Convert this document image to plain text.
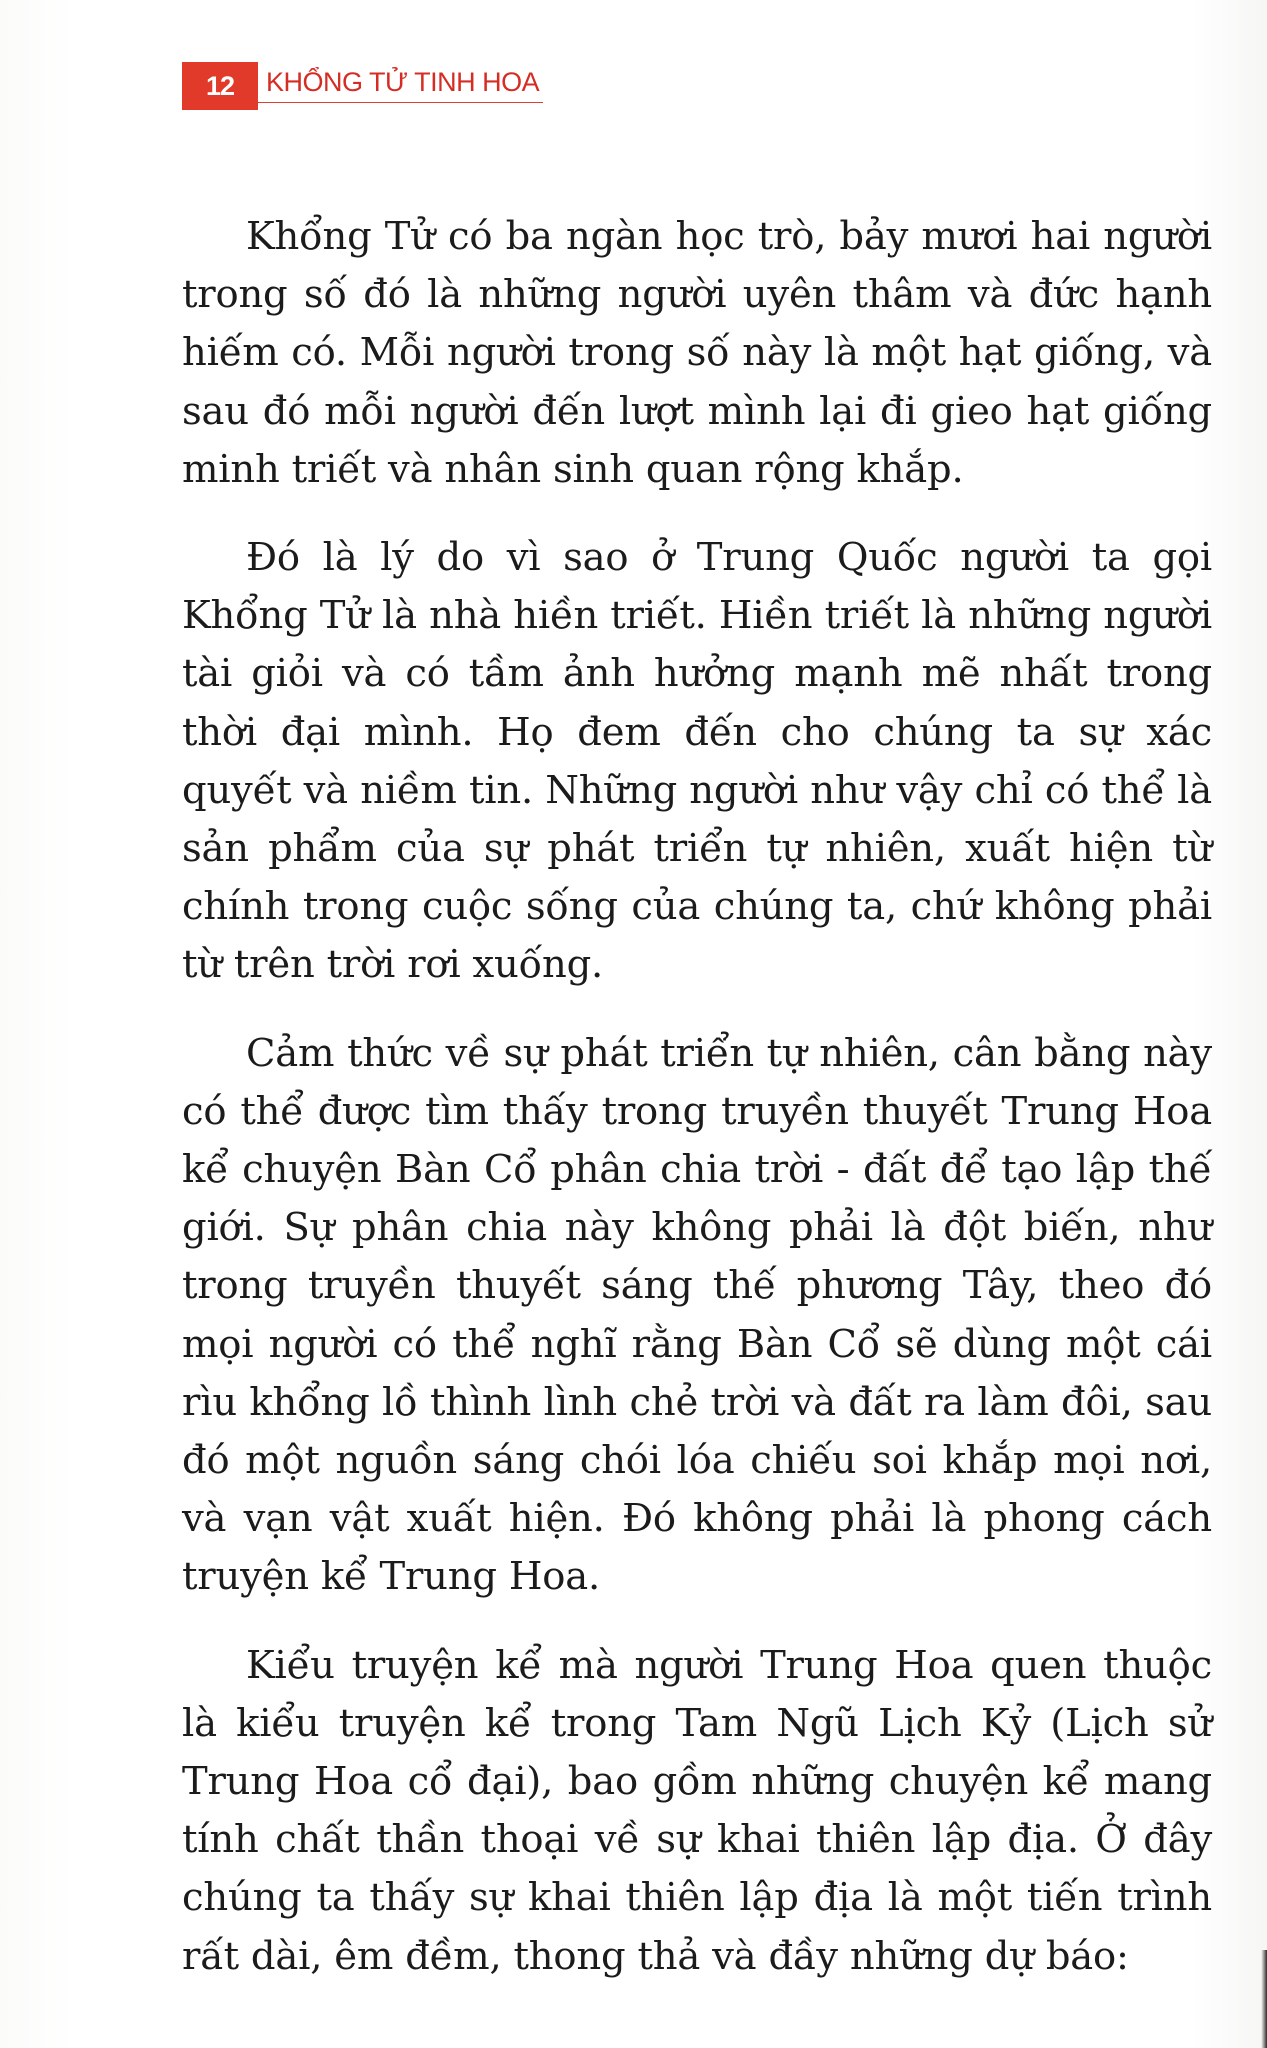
12	KHỔNG TỬ TINH HOA

Khổng Tử có ba ngàn học trò, bảy mươi hai người trong số đó là những người uyên thâm và đức hạnh hiếm có. Mỗi người trong số này là một hạt giống, và sau đó mỗi người đến lượt mình lại đi gieo hạt giống minh triết và nhân sinh quan rộng khắp.

Đó là lý do vì sao ở Trung Quốc người ta gọi Khổng Tử là nhà hiền triết. Hiền triết là những người tài giỏi và có tầm ảnh hưởng mạnh mẽ nhất trong thời đại mình. Họ đem đến cho chúng ta sự xác quyết và niềm tin. Những người như vậy chỉ có thể là sản phẩm của sự phát triển tự nhiên, xuất hiện từ chính trong cuộc sống của chúng ta, chứ không phải từ trên trời rơi xuống.

Cảm thức về sự phát triển tự nhiên, cân bằng này có thể được tìm thấy trong truyền thuyết Trung Hoa kể chuyện Bàn Cổ phân chia trời - đất để tạo lập thế giới. Sự phân chia này không phải là đột biến, như trong truyền thuyết sáng thế phương Tây, theo đó mọi người có thể nghĩ rằng Bàn Cổ sẽ dùng một cái rìu khổng lồ thình lình chẻ trời và đất ra làm đôi, sau đó một nguồn sáng chói lóa chiếu soi khắp mọi nơi, và vạn vật xuất hiện. Đó không phải là phong cách truyện kể Trung Hoa.

Kiểu truyện kể mà người Trung Hoa quen thuộc là kiểu truyện kể trong Tam Ngũ Lịch Kỷ (Lịch sử Trung Hoa cổ đại), bao gồm những chuyện kể mang tính chất thần thoại về sự khai thiên lập địa. Ở đây chúng ta thấy sự khai thiên lập địa là một tiến trình rất dài, êm đềm, thong thả và đầy những dự báo:
